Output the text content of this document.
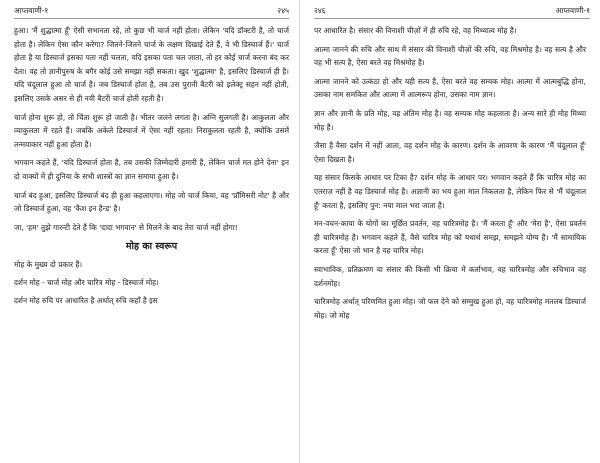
आप्तवाणी-१	२४५
हुआ। 'मैं शुद्धात्मा हूँ' ऐसी सभानता रहे, तो कुछ भी चार्ज नहीं होता। लेकिन 'यदि डॉक्टरी है, तो चार्ज होता है। लेकिन ऐसा कौन करेगा? जितने-जितने चार्ज के लक्षण दिखाई देते हैं, वे भी डिस्चार्ज हैं।' चार्ज होता है या डिस्चार्ज इसका पता नहीं चलता, यदि इसका पता चल जाता, तो हर कोई चार्ज करना बंद कर देता। वह तो ज्ञानीपुरुष के बगैर कोई उसे समझा नहीं सकता। खुद 'शुद्धात्मा' है, इसलिए डिस्चार्ज ही है। यदि चंदूलाल हुआ तो चार्ज है। जब डिस्चार्ज होता है, तब उस पुरानी बैटरी को इलेक्ट्र सहन नहीं होती, इसलिए उसके असर से ही नयी बैटरी चार्ज होती रहती है।
चार्ज होना शुरू हो, तो चिंता शुरू हो जाती है। भीतर जलने लगता है। अग्नि सुलगती है। आकुलता और व्याकुलता में रहते हैं। जबकि अकेले डिस्चार्ज में ऐसा नहीं रहता। निराकुलता रहती है, क्योंकि उसमें तन्मयाकार नहीं हुआ होता है।
भगवान कहते हैं, 'यदि डिस्चार्ज होता है, तब उसकी जिम्मेदारी हमारी है, लेकिन चार्ज मत होने देना' इन दो वाक्यों में ही दुनिया के सभी शास्त्रों का ज्ञान समाया हुआ है।
चार्ज बंद हुआ, इसलिए डिस्चार्ज बंद ही हुआ कहलाएगा। मोह जो चार्ज किया, वह 'प्रॉमिसरी नोट' है और जो डिस्चार्ज हुआ, वह 'कैश इन हैन्ड' है।
जा, 'हम' तुझे गारन्टी देते हैं कि 'दादा भगवान' से मिलने के बाद तेरा चार्ज नहीं होगा!
मोह का स्वरूप
मोह के मुख्य दो प्रकार हैं।
दर्शन मोह - चार्ज मोह और चारित्र मोह - डिस्चार्ज मोह।
दर्शन मोह रुचि पर आधारित है अर्थात् रुचि कहाँ है इस
२४६	आप्तवाणी-१
पर आधारित है। संसार की विनाशी चीज़ों में ही रुचि रहे, वह मिथ्यात्व मोह है।
आत्मा जानने की रुचि और साथ में संसार की विनाशी चीज़ों की रुचि, वह मिश्रमोह है। वह सत्य है और वह भी सत्य है, ऐसा बरते वह मिश्रमोह है।
आत्मा जानने को उत्कंठा हो और यही सत्य है, ऐसा बरते वह सम्यक मोह। आत्मा में आत्मबुद्धि होना, उसका नाम समकित और आत्मा में आत्मरूप होना, उसका नाम ज्ञान।
ज्ञान और ज्ञानी के प्रति मोह, वह अंतिम मोह है। वह सम्यक मोह कहलाता है। अन्य सारे ही मोह मिथ्या मोह हैं।
जैसा है वैसा दर्शन में नहीं आता, वह दर्शन मोह के कारण। दर्शन के आवरण के कारण 'मैं चंदूलाल हूँ' ऐसा दिखता है।
यह संसार किसके आधार पर टिका है? दर्शन मोह के आधार पर। भगवान कहते हैं कि चारित्र मोह का एतराज़ नहीं है वह डिस्चार्ज मोह है। अज्ञानी का भय हुआ माल निकलता है, लेकिन फिर से 'मैं चंदूलाल हूँ' करता है, इसलिए पुन: नया माल भरा जाता है।
मन-वचन-काया के योगों का मूर्छित प्रवर्तन, वह चारित्रमोह है। 'मैं करता हूँ' और 'मेरा है', ऐसा प्रवर्तन ही चारित्रमोह है। भगवान कहते हैं, वैसे चारित्र मोह को यथार्थ समझ, समझने योग्य है। 'मैं सामायिक करता हूँ' ऐसा जो भान है वह चारित्र मोह।
स्वाभाविक, प्रतिक्रमण या संसार की किसी भी क्रिया में कर्ताभाव, वह चारित्रमोह और रुचिभाव वह दर्शनमोह।
चारित्रमोह अर्थात् परिणमित हुआ मोह। जो फल देने को सम्मुख हुआ हो, वह चारित्रमोह मतलब डिस्चार्ज मोह। जो मोह
